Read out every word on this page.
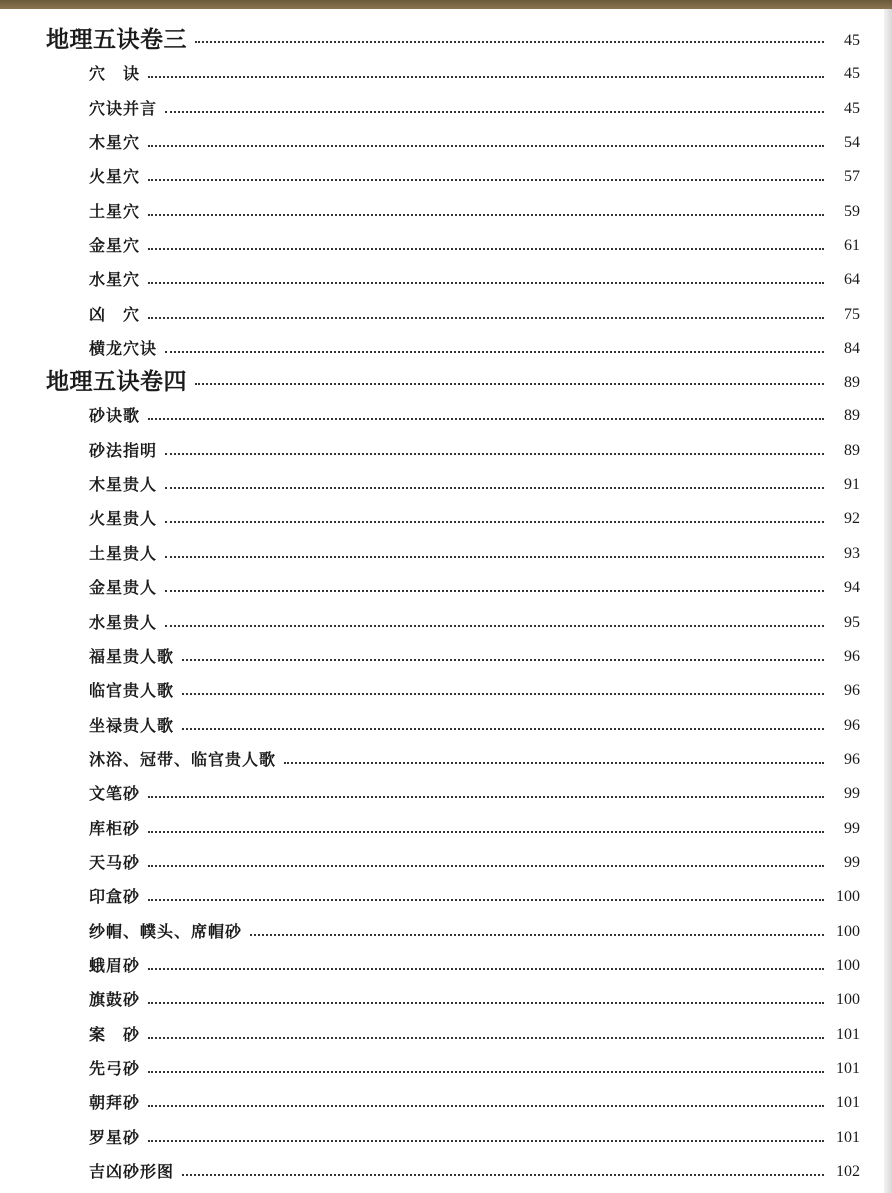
地理五诀卷三	45
穴　诀	45
穴诀并言	45
木星穴	54
火星穴	57
土星穴	59
金星穴	61
水星穴	64
凶　穴	75
横龙穴诀	84
地理五诀卷四	89
砂诀歌	89
砂法指明	89
木星贵人	91
火星贵人	92
土星贵人	93
金星贵人	94
水星贵人	95
福星贵人歌	96
临官贵人歌	96
坐禄贵人歌	96
沐浴、冠带、临官贵人歌	96
文笔砂	99
库柜砂	99
天马砂	99
印盒砂	100
纱帽、幞头、席帽砂	100
蛾眉砂	100
旗鼓砂	100
案　砂	101
先弓砂	101
朝拜砂	101
罗星砂	101
吉凶砂形图	102
